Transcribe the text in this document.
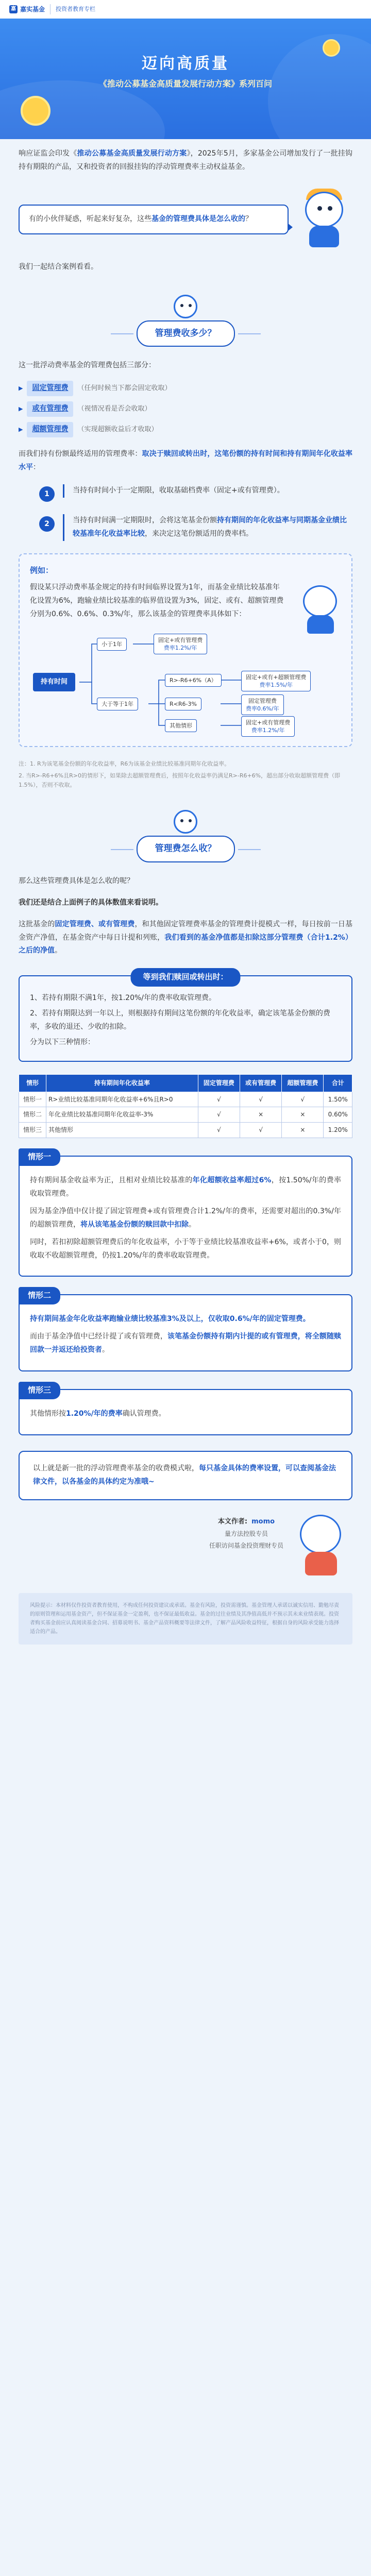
嘉 嘉实基金	投资者教育专栏
迈向高质量
《推动公募基金高质量发展行动方案》系列百问

响应证监会印发《推动公募基金高质量发展行动方案》，2025年5月，多家基金公司增加发行了一批挂钩持有期限的产品，又和投资者的回报挂钩的浮动管理费率主动权益基金。

有的小伙伴疑惑，听起来好复杂，这些基金的管理费具体是怎么收的？

我们一起结合案例看看。

管理费收多少？

这一批浮动费率基金的管理费包括三部分：

▶	固定管理费	（任何时候当下都会固定收取）
▶	或有管理费	（视情况看是否会收取）
▶	超额管理费	（实现超额收益后才收取）

而我们持有份额最终适用的管理费率：取决于赎回或转出时，这笔份额的持有时间和持有期间年化收益率水平：

1	当持有时间小于一定期限，收取基础档费率（固定+或有管理费）。
2	当持有时间满一定期限时，会将这笔基金份额持有期间的年化收益率与同期基金业绩比较基准年化收益率比较，来决定这笔份额适用的费率档。
例如：

假设某只浮动费率基金规定的持有时间临界设置为1年，而基金业绩比较基准年化设置为6%，跑输业绩比较基准的临界值设置为3%，固定、或有、超额管理费分别为0.6%、0.6%、0.3%/年，那么该基金的管理费率具体如下：

持有时间
小于1年
大于等于1年
固定+或有管理费
费率1.2%/年
R>-R6+6%（A）
R<R6-3%
其他情形
固定+或有+超额管理费
费率1.5%/年
固定管理费
费率0.6%/年
固定+或有管理费
费率1.2%/年

注：1. R为该笔基金份额的年化收益率，R6为该基金业绩比较基准同期年化收益率。

2. 当R>-R6+6%且R>0的情形下，如果除去超额管理费后，按照年化收益率仍满足R>-R6+6%，超出部分收取超额管理费（即1.5%），否则不收取。

管理费怎么收？

那么这些管理费具体是怎么收的呢？

我们还是结合上面例子的具体数值来看说明。

这批基金的固定管理费、或有管理费，和其他固定管理费率基金的管理费计提模式一样，每日按前一日基金资产净值，在基金资产中每日计提和列账，我们看到的基金净值都是扣除这部分管理费（合计1.2%）之后的净值。

等到我们赎回或转出时：

1、若持有期限不满1年，按1.20%/年的费率收取管理费。

2、若持有期限达到一年以上，则根据持有期间这笔份额的年化收益率，确定该笔基金份额的费率，多收的退还、少收的扣除。

分为以下三种情形：

情形	持有期间年化收益率	固定管理费	或有管理费	超额管理费	合计
情形一	R>业绩比较基准同期年化收益率+6%且R>0	√	√	√	1.50%
情形二	年化业绩比较基准同期年化收益率-3%	√	×	×	0.60%
情形三	其他情形	√	√	×	1.20%
情形一

持有期间基金收益率为正，且相对业绩比较基准的年化超额收益率超过6%，按1.50%/年的费率收取管理费。

因为基金净值中仅计提了固定管理费+或有管理费合计1.2%/年的费率，还需要对超出的0.3%/年的超额管理费，将从该笔基金份额的赎回款中扣除。

同时，若扣初除超额管理费后的年化收益率，小于等于业绩比较基准收益率+6%，或者小于0，则收取不收超额管理费，仍按1.20%/年的费率收取管理费。

情形二

持有期间基金年化收益率跑输业绩比较基准3%及以上，仅收取0.6%/年的固定管理费。

而由于基金净值中已经计提了或有管理费，该笔基金份额持有期内计提的或有管理费，将全额随赎回款一并返还给投资者。

情形三

其他情形按1.20%/年的费率确认管理费。

以上就是新一批的浮动管理费率基金的收费模式啦，每只基金具体的费率设置，可以查阅基金法律文件，以各基金的具体约定为准哦~
本文作者: momo
量方法控股专员
任职访问基金投资理财专员
风险提示：本材料仅作投资者教育使用，不构成任何投资建议或承诺。基金有风险，投资需谨慎。基金管理人承诺以诚实信用、勤勉尽责的原则管理和运用基金资产，但不保证基金一定盈利，也不保证最低收益。基金的过往业绩及其净值高低并不预示其未来业绩表现。投资者购买基金前应认真阅读基金合同、招募说明书、基金产品资料概要等法律文件，了解产品风险收益特征，根据自身的风险承受能力选择适合的产品。
